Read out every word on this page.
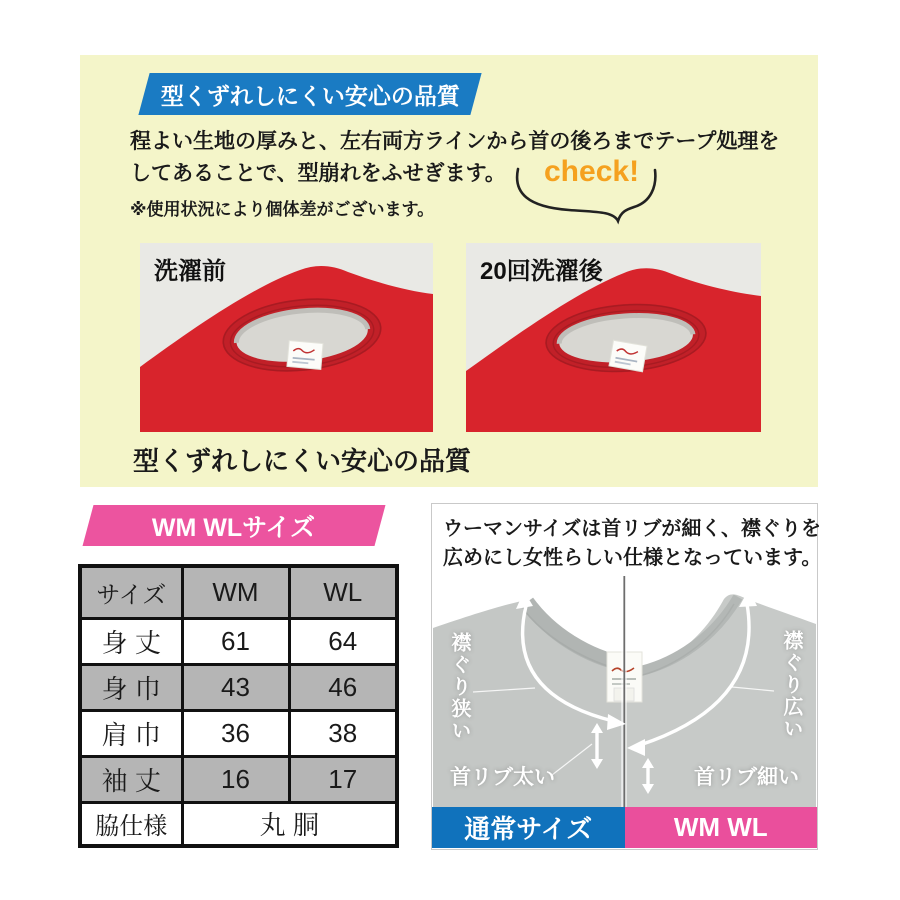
型くずれしにくい安心の品質

程よい生地の厚みと、左右両方ラインから首の後ろまでテープ処理を

してあることで、型崩れをふせぎます。

※使用状況により個体差がございます。

check!
洗濯前	20回洗濯後
型くずれしにくい安心の品質
WM WLサイズ
サイズ	WM	WL
身 丈	61	64
身 巾	43	46
肩 巾	36	38
袖 丈	16	17
脇仕様	丸 胴	

ウーマンサイズは首リブが細く、襟ぐりを

広めにし女性らしい仕様となっています。

襟ぐり狭い	襟ぐり広い
首リブ太い	首リブ細い
通常サイズ	WM WL
